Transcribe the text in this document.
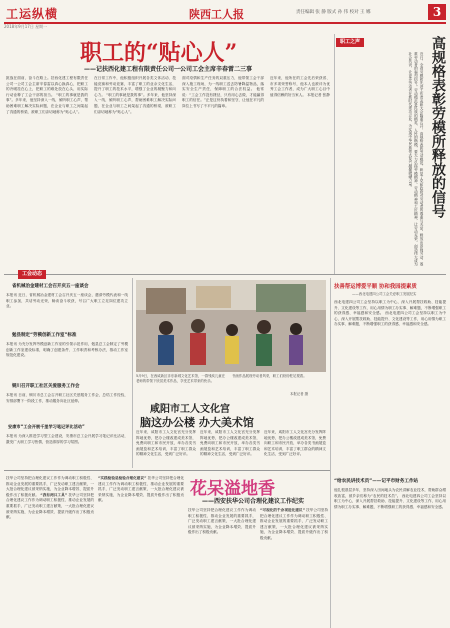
工运纵横	陕西工人报	责任编辑 张 静 版式 孙 伟 校对 王 娜	3
2018年9月17日 星期一
职工的“贴心人”
——记扶西化建工程有限责任公司一公司工会主席辛春雷二三事
职工之声
挑战在面前，奋斗在路上。扶西化建工程有限责任公司一公司工会主席辛春雷以真心换真心，把职工的冷暖挂在心上，把职工的难处放在心头，用实际行动诠释了工会干部的担当。 “职工的事就是我的事”。多年来，他坚持深入一线，倾听职工心声，帮助困难职工解决实际问题，在企业与职工之间架起了沟通的桥梁，被职工们亲切地称为“贴心人”。
在日常工作中，他积极组织开展各类文体活动、技能竞赛和劳动竞赛，丰富了职工的业余文化生活，提升了职工的技术水平，增强了企业的凝聚力和向心力。 “职工的事就是我的事”。多年来，他坚持深入一线，倾听职工心声，帮助困难职工解决实际问题，在企业与职工之间架起了沟通的桥梁，被职工们亲切地称为“贴心人”。
面对疫情和生产任务的双重压力，他带领工会干部深入施工现场，为一线职工送去防暑降温物品，落实安全生产责任，保障职工的合法权益。 他常说：“工会工作没有捷径，只有用心去做，才能赢得职工的信任。”正是这份执着和坚守，让他在平凡的岗位上书写了不平凡的篇章。
近年来，他所在的工会先后荣获省、市多项荣誉称号，他本人也被评为优秀工会工作者，成为广大职工心目中值得信赖的好当家人。 本报记者 张静	高规格表彰劳模所释放的信号
近日，全省劳模和先进工作者表彰大会隆重召开，高规格表彰劳动模范，彰显了党和政府对劳动者的尊重与关爱，释放出崇尚劳动、尊重劳动者的强烈信号。劳动模范是民族的精英、人民的楷模，要大力弘扬劳模精神、劳动精神和工匠精神，让劳动光荣、创造伟大成为社会共识，让更多劳动者在新时代建功立业，为实现中华民族伟大复兴凝聚磅礴力量。
工会动态
省机械冶金建材工会召开庆五一座谈会
本报讯 近日，省机械冶金建材工会召开庆五一座谈会，邀请劳模代表和一线职工参加，共话劳动光荣，畅谈奋斗收获，号召广大职工立足岗位建功立业。
勉县制定“劳模创新工作室”标准
本报讯 为充分发挥劳模创新工作室的引领示范作用，勉县总工会制定了劳模创新工作室建设标准，明确了创建条件、工作职责和考核办法，推动工作室规范化建设。
铜川召开职工社区关爱服务工作会
本报讯 日前，铜川市总工会召开职工社区关爱服务工作会，总结工作经验，安排部署下一阶段工作，推动服务向社区延伸。
安康市“工会开展千里学习笔记评比活动”
本报讯 为深入推进学习型工会建设，安康市总工会开展学习笔记评比活动，激发广大职工学习热情，营造浓厚的学习氛围。
5月9日，在西咸新区沣东新城文化艺术馆，一群残疾儿童在老师的带领下欣赏美术作品，享受艺术带来的快乐。
书画作品展现劳动者风采，职工们纷纷驻足观看。
本报记者 摄
咸阳市工人文化宫
脑这办公楼 办大美术馆
近年来，咸阳市工人文化宫充分发挥阵地优势，把办公楼改建成美术馆，免费向职工和市民开放，举办各类书画展览和艺术培训，丰富了职工群众的精神文化生活，受到广泛好评。
近年来，咸阳市工人文化宫充分发挥阵地优势，把办公楼改建成美术馆，免费向职工和市民开放，举办各类书画展览和艺术培训，丰富了职工群众的精神文化生活，受到广泛好评。
近年来，咸阳市工人文化宫充分发挥阵地优势，把办公楼改建成美术馆，免费向职工和市民开放，举办各类书画展览和艺术培训，丰富了职工群众的精神文化生活，受到广泛好评。
扶善帮运博爱平顺 协和我园提素质
——西北电建四公司工会关爱职工发展纪实
西北电建四公司工会坚持以职工为中心，深入开展帮扶救助、技能提升、文化建设等工作，用心用情为职工办实事、解难题，不断增强职工的获得感、幸福感和安全感。 西北电建四公司工会坚持以职工为中心，深入开展帮扶救助、技能提升、文化建设等工作，用心用情为职工办实事、解难题，不断增强职工的获得感、幸福感和安全感。
花呆溢地香
——西安扶华公司合理化建议工作纪实
扶华公司坚持把合理化建议工作作为调动职工积极性、推动企业发展的重要抓手，广泛发动职工建言献策，一大批合理化建议被采纳实施，为企业降本增效、提质升级作出了积极贡献。 “我有两只工具” 扶华公司坚持把合理化建议工作作为调动职工积极性、推动企业发展的重要抓手，广泛发动职工建言献策，一大批合理化建议被采纳实施，为企业降本增效、提质升级作出了积极贡献。
“实践检验是检验合理化建议” 扶华公司坚持把合理化建议工作作为调动职工积极性、推动企业发展的重要抓手，广泛发动职工建言献策，一大批合理化建议被采纳实施，为企业降本增效、提质升级作出了积极贡献。
扶华公司坚持把合理化建议工作作为调动职工积极性、推动企业发展的重要抓手，广泛发动职工建言献策，一大批合理化建议被采纳实施，为企业降本增效、提质升级作出了积极贡献。
“可视化的千余项进化建议” 扶华公司坚持把合理化建议工作作为调动职工积极性、推动企业发展的重要抓手，广泛发动职工建言献策，一大批合理化建议被采纳实施，为企业降本增效、提质升级作出了积极贡献。
“给农民讲技术员”——记平市财务工作站
他扎根基层多年，坚持深入田间地头为农民讲解农业技术，帮助群众增收致富，被乡亲们称为“农民的技术员”。 西北电建四公司工会坚持以职工为中心，深入开展帮扶救助、技能提升、文化建设等工作，用心用情为职工办实事、解难题，不断增强职工的获得感、幸福感和安全感。
